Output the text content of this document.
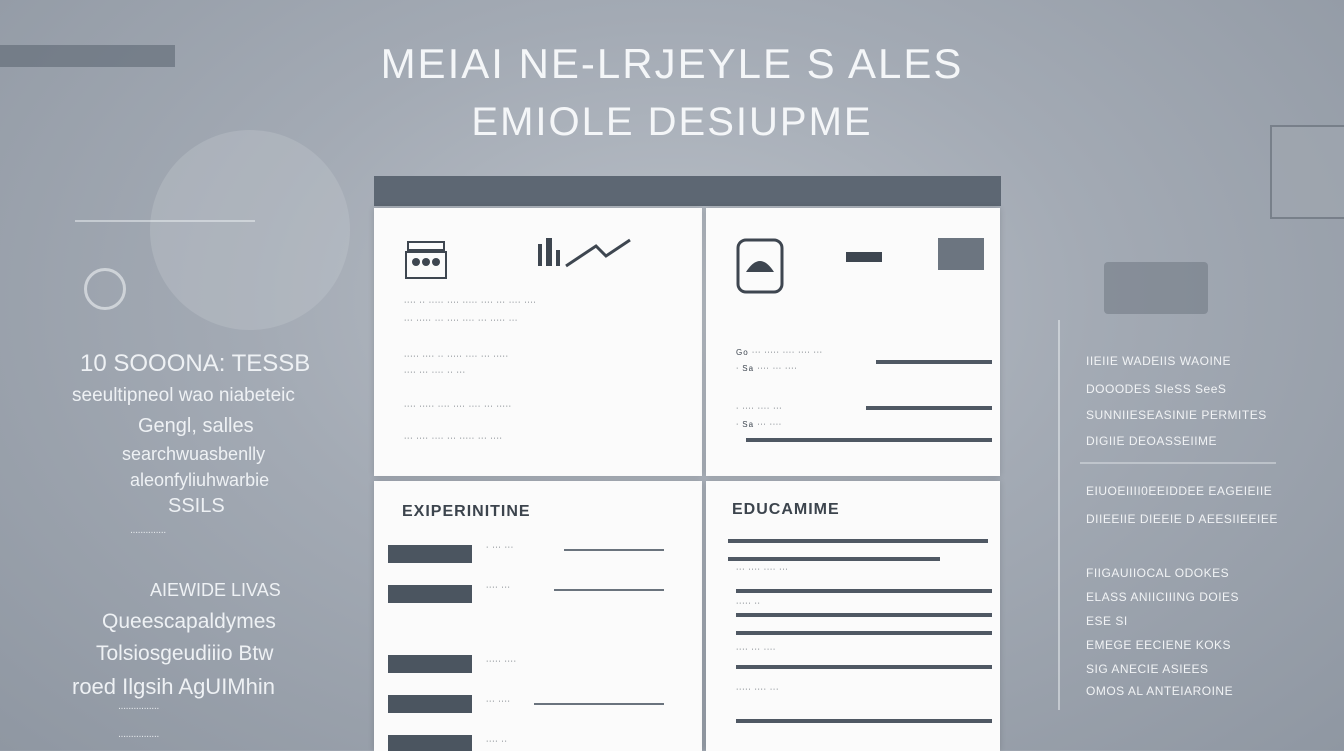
MEIAI NE-LRJEYLE S ALES
EMIOLE DESIUPME
ᐧᐧᐧᐧ ᐧᐧ ᐧᐧᐧᐧᐧ ᐧᐧᐧᐧ ᐧᐧᐧᐧᐧ ᐧᐧᐧᐧ ᐧᐧᐧ ᐧᐧᐧᐧ ᐧᐧᐧᐧ
ᐧᐧᐧ ᐧᐧᐧᐧᐧ ᐧᐧᐧ ᐧᐧᐧᐧ ᐧᐧᐧᐧ ᐧᐧᐧ ᐧᐧᐧᐧᐧ ᐧᐧᐧ
ᐧᐧᐧᐧᐧ ᐧᐧᐧᐧ ᐧᐧ ᐧᐧᐧᐧᐧ ᐧᐧᐧᐧ ᐧᐧᐧ ᐧᐧᐧᐧᐧ
ᐧᐧᐧᐧ ᐧᐧᐧ ᐧᐧᐧᐧ ᐧᐧ ᐧᐧᐧ
ᐧᐧᐧᐧ ᐧᐧᐧᐧᐧ ᐧᐧᐧᐧ ᐧᐧᐧᐧ ᐧᐧᐧᐧ ᐧᐧᐧ ᐧᐧᐧᐧᐧ
ᐧᐧᐧ ᐧᐧᐧᐧ ᐧᐧᐧᐧ ᐧᐧᐧ ᐧᐧᐧᐧᐧ ᐧᐧᐧ ᐧᐧᐧᐧ
Go ᐧᐧᐧ ᐧᐧᐧᐧᐧ ᐧᐧᐧᐧ ᐧᐧᐧᐧ ᐧᐧᐧ
ᐧ Sa ᐧᐧᐧᐧ ᐧᐧᐧ ᐧᐧᐧᐧ
ᐧ ᐧᐧᐧᐧ ᐧᐧᐧᐧ ᐧᐧᐧ
ᐧ Sa ᐧᐧᐧ ᐧᐧᐧᐧ
EXIPERINITINE
ᐧ ᐧᐧᐧ ᐧᐧᐧ
ᐧᐧᐧᐧ ᐧᐧᐧ
ᐧᐧᐧᐧᐧ ᐧᐧᐧᐧ
ᐧᐧᐧ ᐧᐧᐧᐧ
ᐧᐧᐧᐧ ᐧᐧ
EDUCAMIME
ᐧᐧᐧ ᐧᐧᐧᐧ ᐧᐧᐧᐧ ᐧᐧᐧ
ᐧᐧᐧᐧᐧ ᐧᐧ
ᐧᐧᐧᐧ ᐧᐧᐧ ᐧᐧᐧᐧ
ᐧᐧᐧᐧᐧ ᐧᐧᐧᐧ ᐧᐧᐧ
10 SOOONA: TESSB
seeultipneol wao niabeteic
Gengl, salles
searchwuasbenlly
aleonfyliuhwarbie
SSILS
ᐧᐧᐧᐧᐧᐧᐧᐧᐧᐧᐧᐧᐧᐧ
AIEWIDE LIVAS
Queescapaldymes
Tolsiosgeudiiio Btw
roed Ilgsih AgUIMhin
ᐧᐧᐧᐧᐧᐧᐧᐧᐧᐧᐧᐧᐧᐧᐧᐧ
ᐧᐧᐧᐧᐧᐧᐧᐧᐧᐧᐧᐧᐧᐧᐧᐧ
IIEIIE WADEIIS WAOINE
DOOODES SIeSS SeeS
SUNNIIESEASINIE PERMITES
DIGIIE DEOASSEIIME
EIUOEIIII0EEIDDEE EAGEIEIIE
DIIEEIIE DIEEIE D AEESIIEEIEE
FIIGAUIIOCAL ODOKES
ELASS ANIICIIING DOIES
ESE SI
EMEGE EECIENE KOKS
SIG ANECIE ASIEES
OMOS AL ANTEIAROINE
